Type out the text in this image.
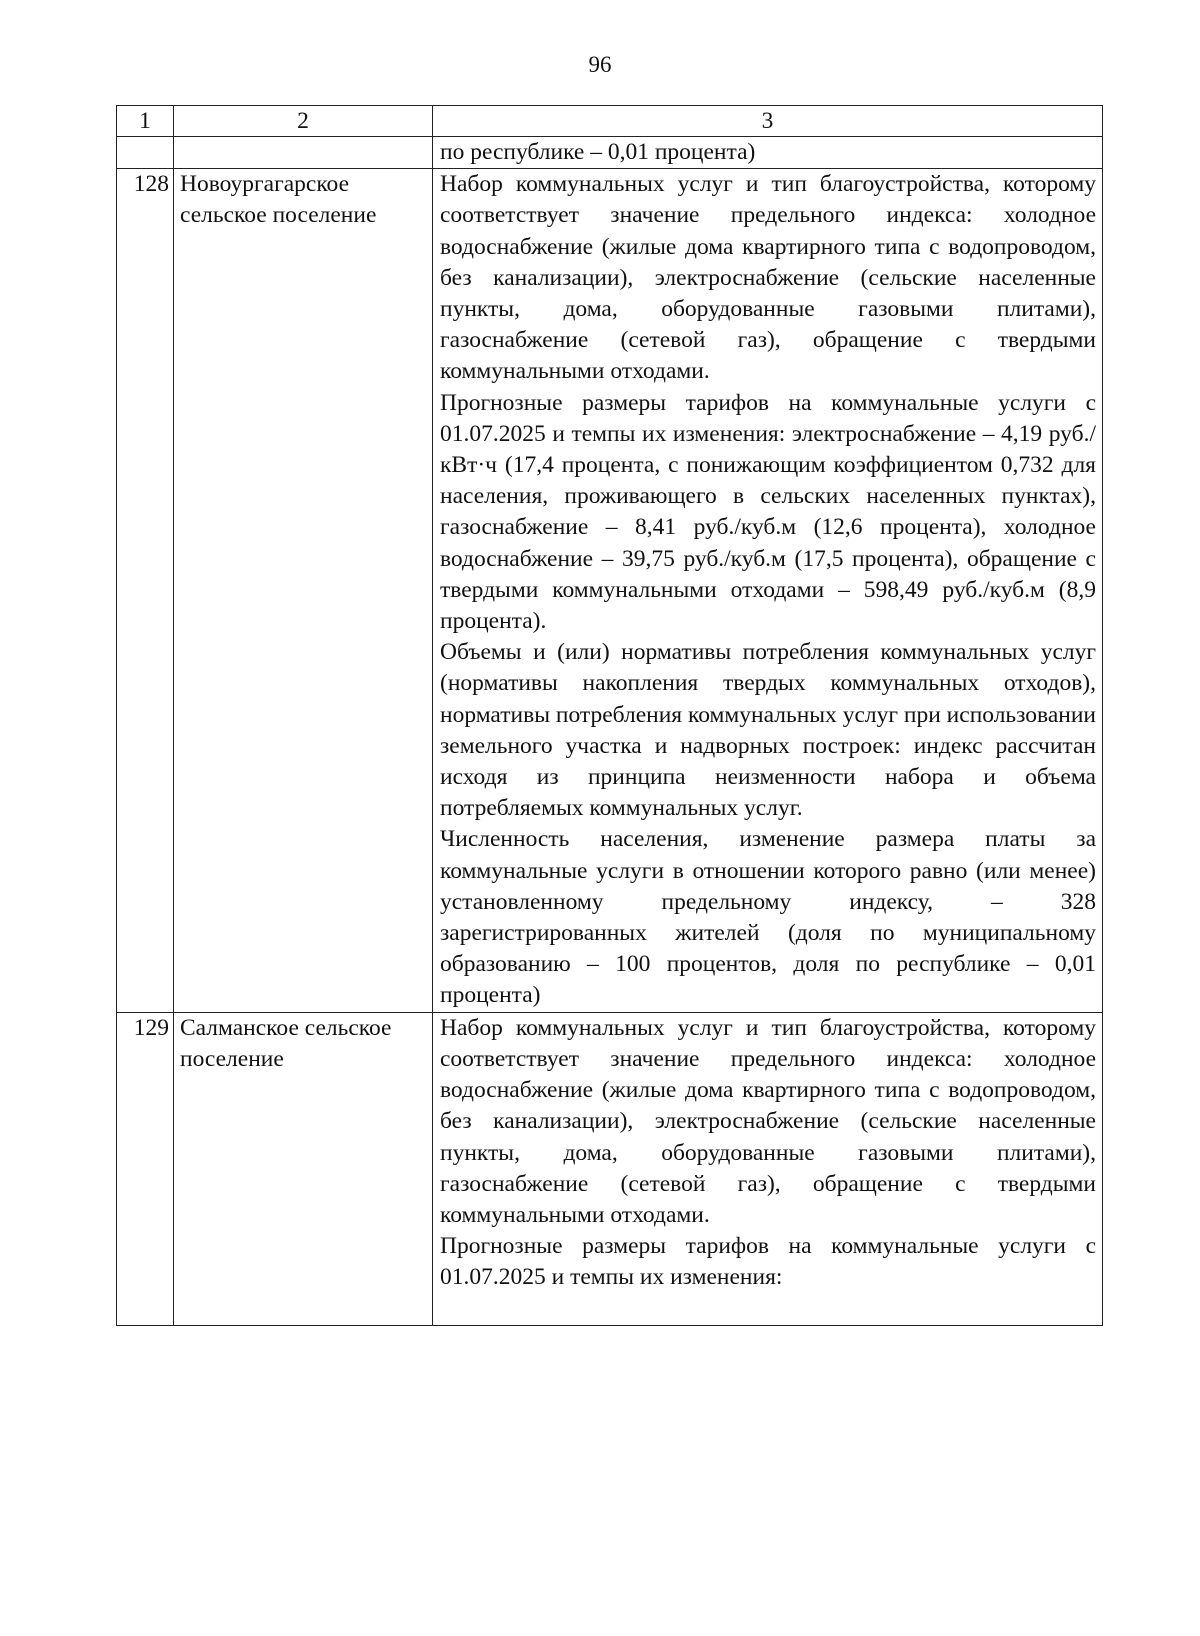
96
1	2	3

		по республике – 0,01 процента)

128	Новоургагарское сельское поселение	Набор коммунальных услуг и тип благоустройства, которому соответствует значение предельного индекса: холодное водоснабжение (жилые дома квартирного типа с водопроводом, без канализации), электроснабжение (сельские населенные пункты, дома, оборудованные газовыми плитами), газоснабжение (сетевой газ), обращение с твердыми коммунальными отходами.

Прогнозные размеры тарифов на коммунальные услуги с 01.07.2025 и темпы их изменения: электроснабжение – 4,19 руб./кВт·ч (17,4 процента, с понижающим коэффициентом 0,732 для населения, проживающего в сельских населенных пунктах), газоснабжение – 8,41 руб./куб.м (12,6 процента), холодное водоснабжение – 39,75 руб./куб.м (17,5 процента), обращение с твердыми коммунальными отходами – 598,49 руб./куб.м (8,9 процента).

Объемы и (или) нормативы потребления коммунальных услуг (нормативы накопления твердых коммунальных отходов), нормативы потребления коммунальных услуг при использовании земельного участка и надворных построек: индекс рассчитан исходя из принципа неизменности набора и объема потребляемых коммунальных услуг.

Численность населения, изменение размера платы за коммунальные услуги в отношении которого равно (или менее) установленному предельному индексу, – 328 зарегистрированных жителей (доля по муниципальному образованию – 100 процентов, доля по республике – 0,01 процента)

129	Салманское сельское поселение	Набор коммунальных услуг и тип благоустройства, которому соответствует значение предельного индекса: холодное водоснабжение (жилые дома квартирного типа с водопроводом, без канализации), электроснабжение (сельские населенные пункты, дома, оборудованные газовыми плитами), газоснабжение (сетевой газ), обращение с твердыми коммунальными отходами.

Прогнозные размеры тарифов на коммунальные услуги с 01.07.2025 и темпы их изменения:
